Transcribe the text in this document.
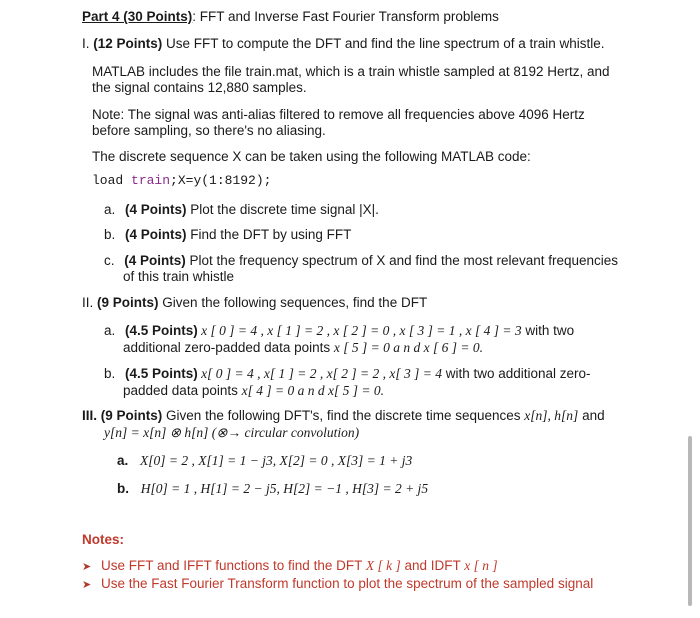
Part 4 (30 Points): FFT and Inverse Fast Fourier Transform problems
I. (12 Points) Use FFT to compute the DFT and find the line spectrum of a train whistle.
MATLAB includes the file train.mat, which is a train whistle sampled at 8192 Hertz, and
the signal contains 12,880 samples.
Note: The signal was anti-alias filtered to remove all frequencies above 4096 Hertz
before sampling, so there's no aliasing.
The discrete sequence X can be taken using the following MATLAB code:
load train;X=y(1:8192);
a. (4 Points) Plot the discrete time signal |X|.
b. (4 Points) Find the DFT by using FFT
c. (4 Points) Plot the frequency spectrum of X and find the most relevant frequencies
of this train whistle
II. (9 Points) Given the following sequences, find the DFT
a. (4.5 Points) x [ 0 ] = 4 , x [ 1 ] = 2 , x [ 2 ] = 0 , x [ 3 ] = 1 , x [ 4 ] = 3 with two
additional zero-padded data points x [ 5 ] = 0 a n d x [ 6 ] = 0.
b. (4.5 Points) x[ 0 ] = 4 , x[ 1 ] = 2 , x[ 2 ] = 2 , x[ 3 ] = 4 with two additional zero-
padded data points x[ 4 ] = 0 a n d x[ 5 ] = 0.
III. (9 Points) Given the following DFT's, find the discrete time sequences x[n], h[n] and
y[n] = x[n] ⊗ h[n] (⊗→ circular convolution)
a. X[0] = 2 , X[1] = 1 − j3, X[2] = 0 , X[3] = 1 + j3
b. H[0] = 1 , H[1] = 2 − j5, H[2] = −1 , H[3] = 2 + j5
Notes:
➤ Use FFT and IFFT functions to find the DFT X [ k ] and IDFT x [ n ]
➤ Use the Fast Fourier Transform function to plot the spectrum of the sampled signal
